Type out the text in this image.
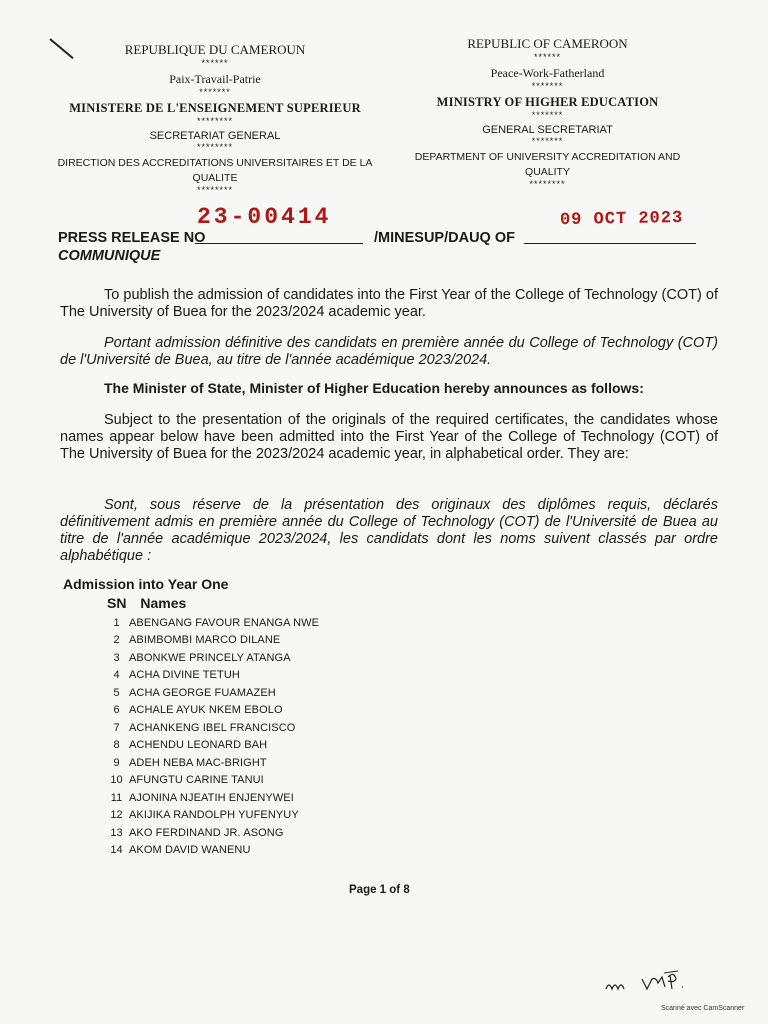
REPUBLIQUE DU CAMEROUN
******
Paix-Travail-Patrie
*******
MINISTERE DE L'ENSEIGNEMENT SUPERIEUR
********
SECRETARIAT GENERAL
********
DIRECTION DES ACCREDITATIONS UNIVERSITAIRES ET DE LA QUALITE
********
REPUBLIC OF CAMEROON
******
Peace-Work-Fatherland
*******
MINISTRY OF HIGHER EDUCATION
*******
GENERAL SECRETARIAT
*******
DEPARTMENT OF UNIVERSITY ACCREDITATION AND QUALITY
********
23-00414	09 OCT 2023
PRESS RELEASE NO	/MINESUP/DAUQ OF
COMMUNIQUE
To publish the admission of candidates into the First Year of the College of Technology (COT) of The University of Buea for the 2023/2024 academic year.
Portant admission définitive des candidats en première année du College of Technology (COT) de l'Université de Buea, au titre de l'année académique 2023/2024.
The Minister of State, Minister of Higher Education hereby announces as follows:
Subject to the presentation of the originals of the required certificates, the candidates whose names appear below have been admitted into the First Year of the College of Technology (COT) of The University of Buea for the 2023/2024 academic year, in alphabetical order. They are:
Sont, sous réserve de la présentation des originaux des diplômes requis, déclarés définitivement admis en première année du College of Technology (COT) de l'Université de Buea au titre de l'année académique 2023/2024, les candidats dont les noms suivent classés par ordre alphabétique :
Admission into Year One
SN Names
1 ABENGANG FAVOUR ENANGA NWE
2 ABIMBOMBI MARCO DILANE
3 ABONKWE PRINCELY ATANGA
4 ACHA DIVINE TETUH
5 ACHA GEORGE FUAMAZEH
6 ACHALE AYUK NKEM EBOLO
7 ACHANKENG IBEL FRANCISCO
8 ACHENDU LEONARD BAH
9 ADEH NEBA MAC-BRIGHT
10 AFUNGTU CARINE TANUI
11 AJONINA NJEATIH ENJENYWEI
12 AKIJIKA RANDOLPH YUFENYUY
13 AKO FERDINAND JR. ASONG
14 AKOM DAVID WANENU
Page 1 of 8
Scanné avec CamScanner
